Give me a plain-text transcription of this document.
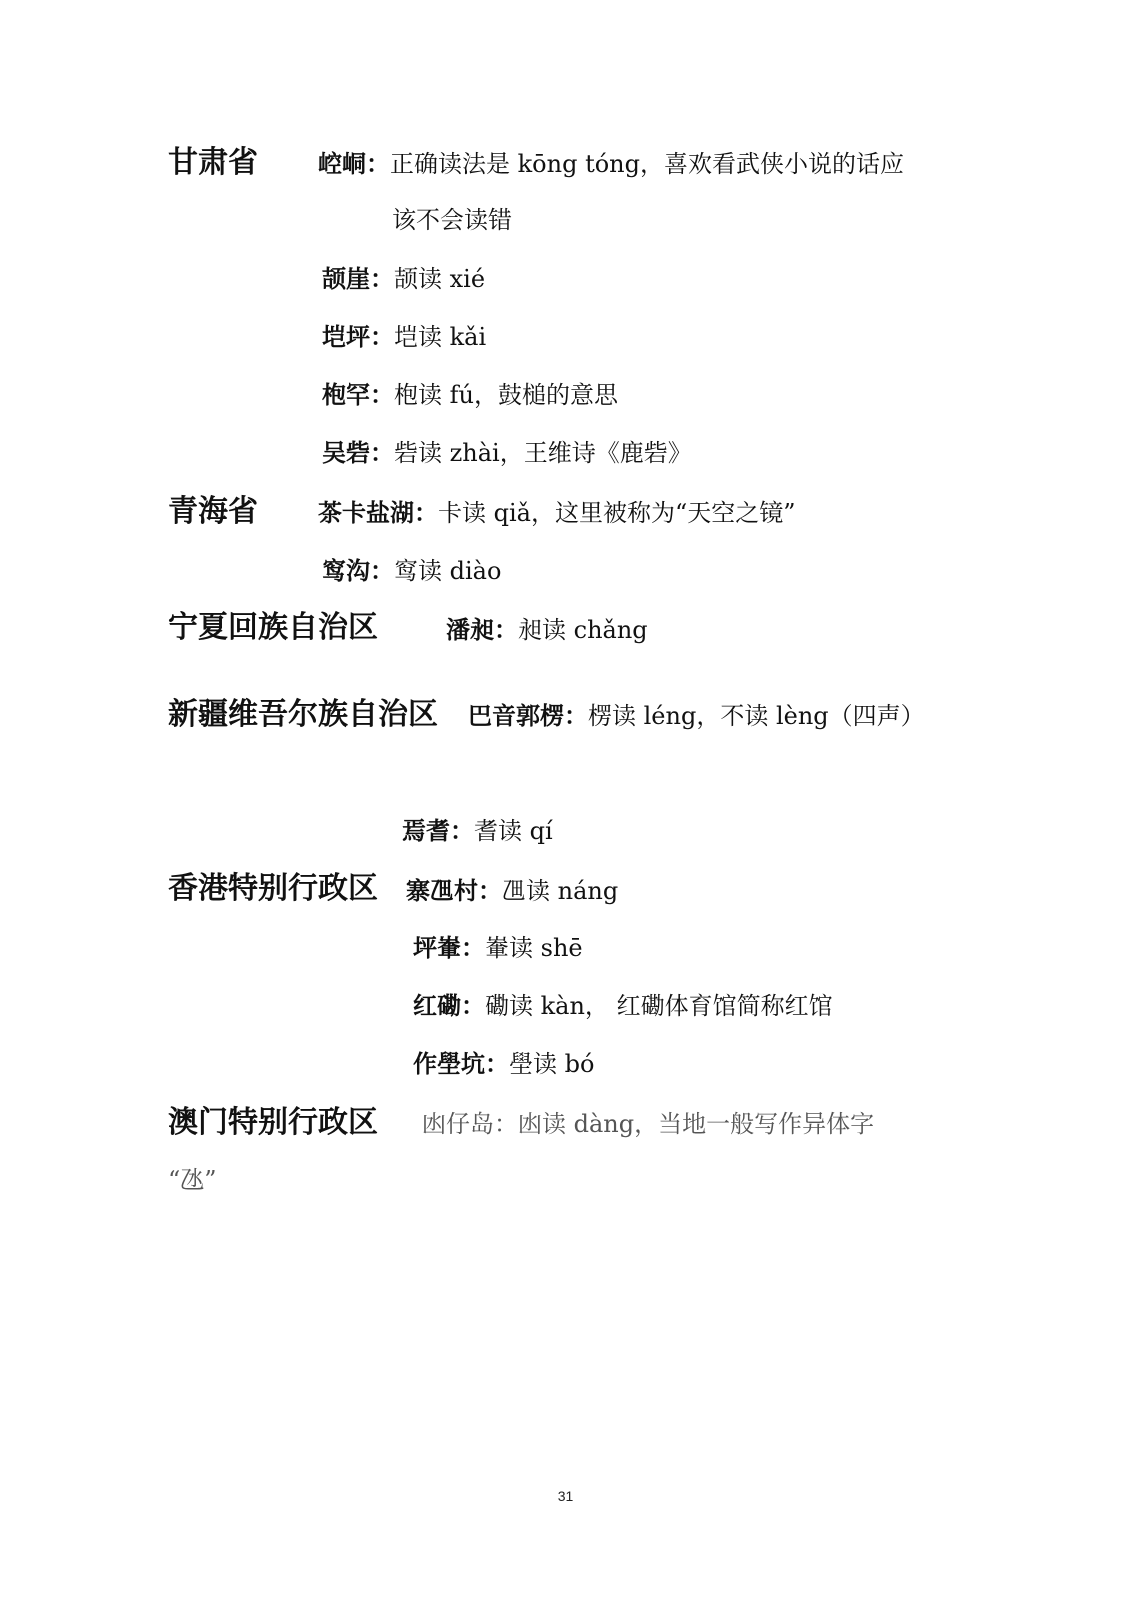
甘肃省	崆峒：正确读法是 kōng tóng，喜欢看武侠小说的话应
该不会读错
颉崖：颉读 xié
垲坪：垲读 kǎi
枹罕：枹读 fú，鼓槌的意思
吴砦：砦读 zhài，王维诗《鹿砦》
青海省	茶卡盐湖：卡读 qiǎ，这里被称为“天空之镜”
窎沟：窎读 diào
宁夏回族自治区	潘昶：昶读 chǎng
新疆维吾尔族自治区 巴音郭楞：楞读 léng，不读 lèng（四声）
焉耆：耆读 qí
香港特别行政区 寨乪村：乪读 náng
坪輋：輋读 shē
红磡：磡读 kàn， 红磡体育馆简称红馆
作壆坑：壆读 bó
澳门特别行政区 凼仔岛：凼读 dàng，当地一般写作异体字
“氹”
31
